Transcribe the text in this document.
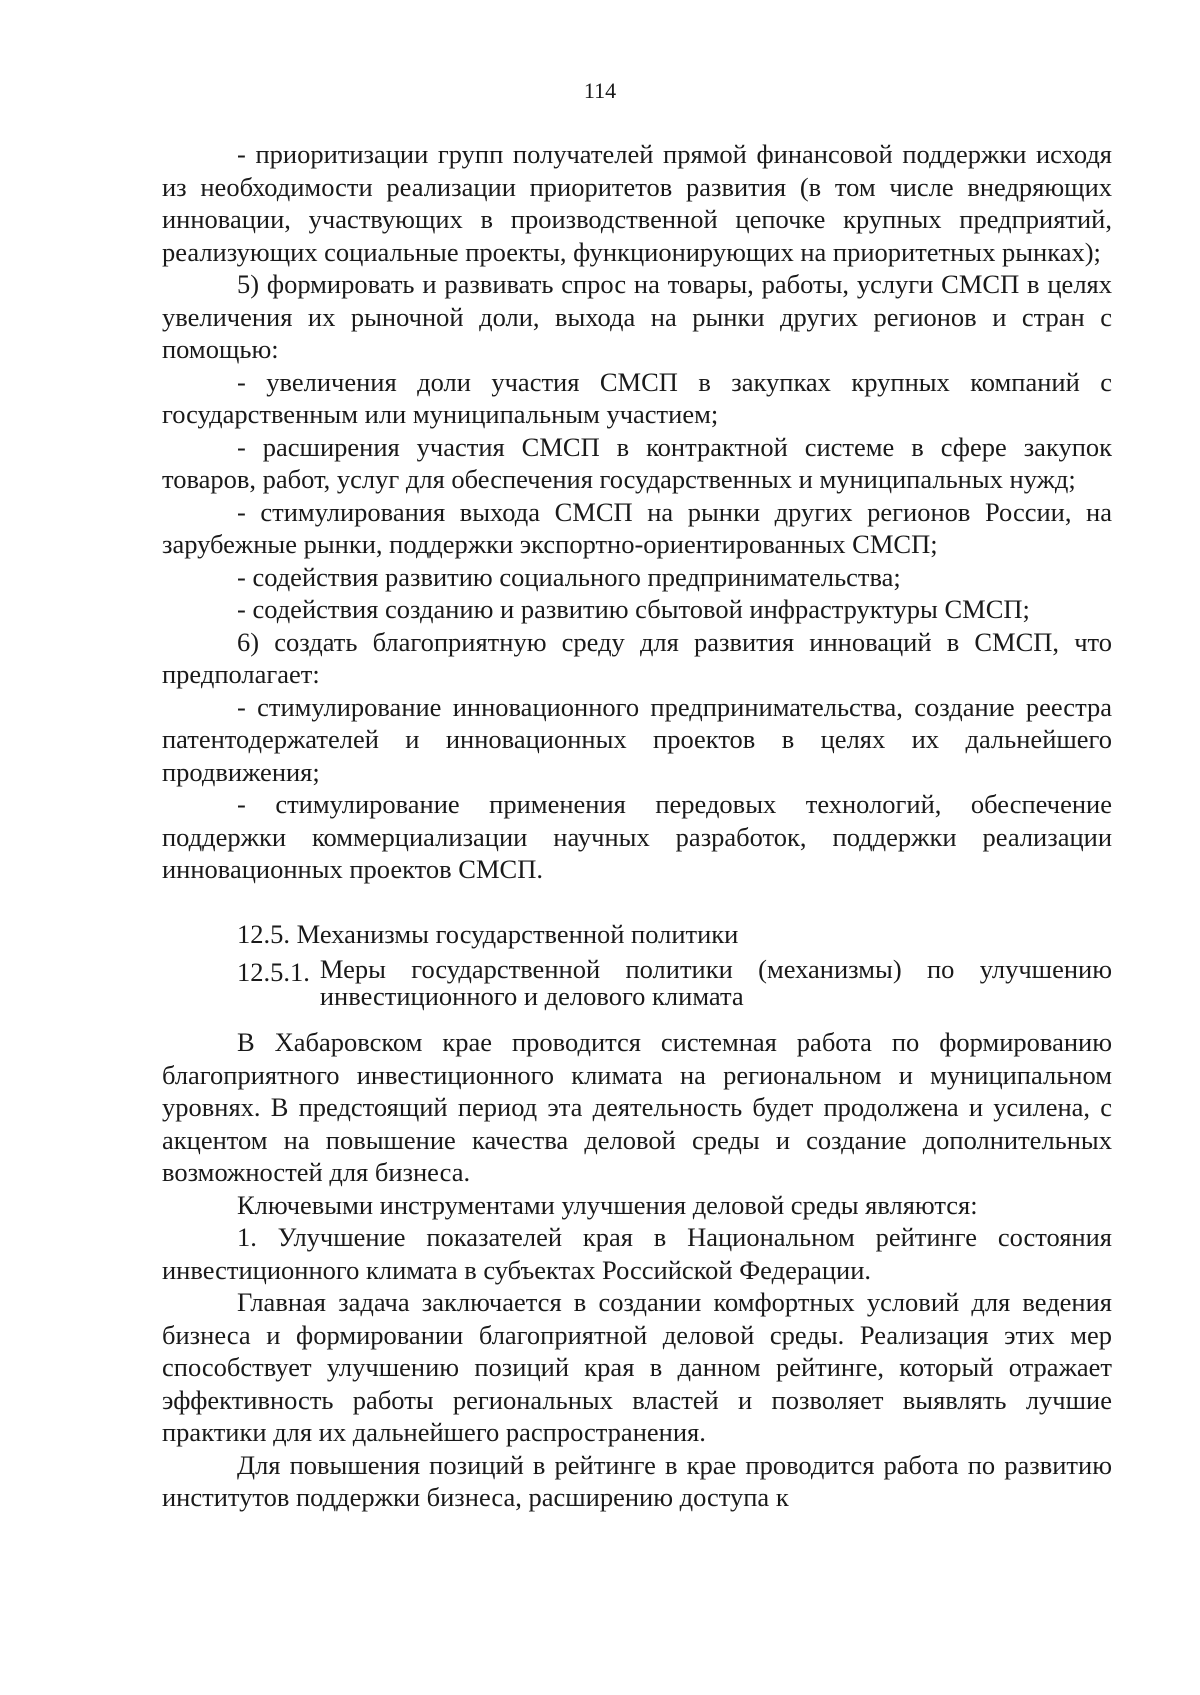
114

- приоритизации групп получателей прямой финансовой поддержки исходя из необходимости реализации приоритетов развития (в том числе внедряющих инновации, участвующих в производственной цепочке крупных предприятий, реализующих социальные проекты, функционирующих на приоритетных рынках);

5) формировать и развивать спрос на товары, работы, услуги СМСП в целях увеличения их рыночной доли, выхода на рынки других регионов и стран с помощью:

- увеличения доли участия СМСП в закупках крупных компаний с государственным или муниципальным участием;

- расширения участия СМСП в контрактной системе в сфере закупок товаров, работ, услуг для обеспечения государственных и муниципальных нужд;

- стимулирования выхода СМСП на рынки других регионов России, на зарубежные рынки, поддержки экспортно-ориентированных СМСП;

- содействия развитию социального предпринимательства;

- содействия созданию и развитию сбытовой инфраструктуры СМСП;

6) создать благоприятную среду для развития инноваций в СМСП, что предполагает:

- стимулирование инновационного предпринимательства, создание реестра патентодержателей и инновационных проектов в целях их дальнейшего продвижения;

- стимулирование применения передовых технологий, обеспечение поддержки коммерциализации научных разработок, поддержки реализации инновационных проектов СМСП.

12.5. Механизмы государственной политики

12.5.1. Меры государственной политики (механизмы) по улучшению инвестиционного и делового климата

В Хабаровском крае проводится системная работа по формированию благоприятного инвестиционного климата на региональном и муниципальном уровнях. В предстоящий период эта деятельность будет продолжена и усилена, с акцентом на повышение качества деловой среды и создание дополнительных возможностей для бизнеса.

Ключевыми инструментами улучшения деловой среды являются:

1. Улучшение показателей края в Национальном рейтинге состояния инвестиционного климата в субъектах Российской Федерации.

Главная задача заключается в создании комфортных условий для ведения бизнеса и формировании благоприятной деловой среды. Реализация этих мер способствует улучшению позиций края в данном рейтинге, который отражает эффективность работы региональных властей и позволяет выявлять лучшие практики для их дальнейшего распространения.

Для повышения позиций в рейтинге в крае проводится работа по развитию институтов поддержки бизнеса, расширению доступа к
